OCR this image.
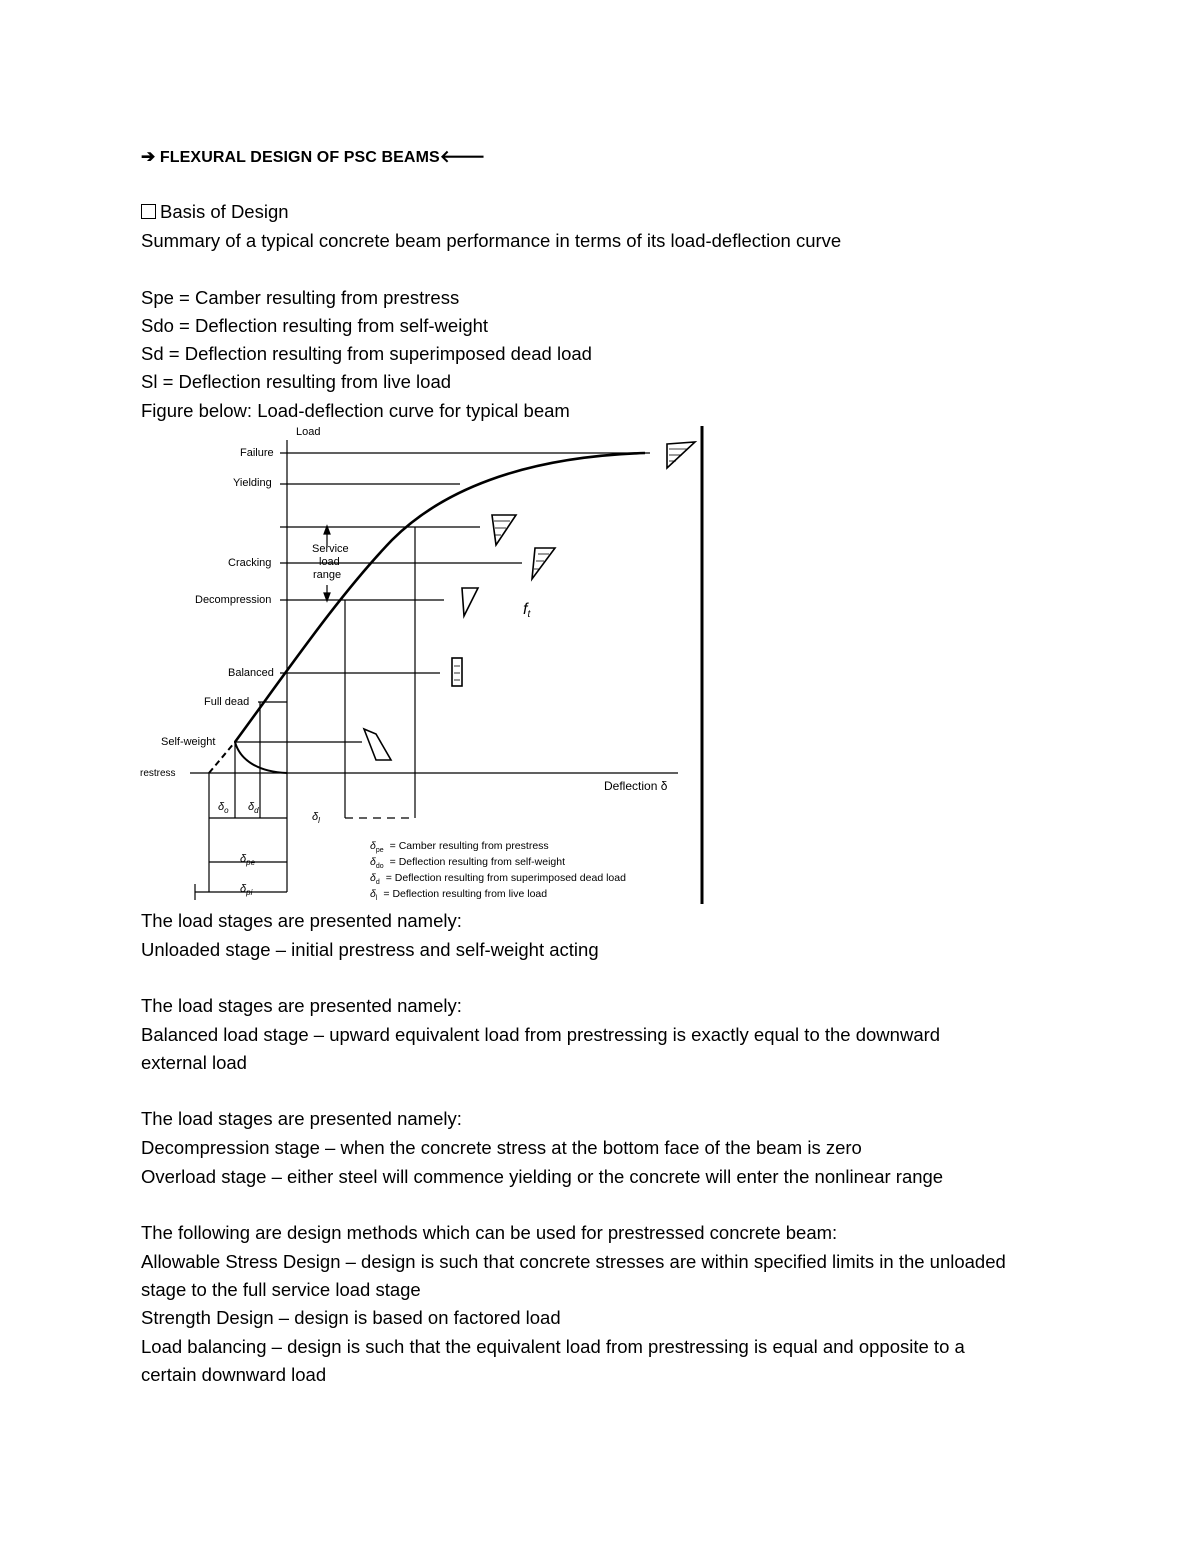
➔ FLEXURAL DESIGN OF PSC BEAMS🡐
Basis of Design
Summary of a typical concrete beam performance in terms of its load-deflection curve
Spe = Camber resulting from prestress
Sdo = Deflection resulting from self-weight
Sd = Deflection resulting from superimposed dead load
Sl = Deflection resulting from live load
Figure below: Load-deflection curve for typical beam
Load
Failure
Yielding
Cracking
Decompression
Balanced
Full dead
Self-weight
restress
Service
load
range
Deflection δ
ft
$\delta_o$ $\delta_d$
$\delta_l$
$\delta_{pe}$
$\delta_{pi}$
$\delta_{pe}$ = Camber resulting from prestress
$\delta_{do}$ = Deflection resulting from self-weight
$\delta_d$ = Deflection resulting from superimposed dead load
$\delta_l$ = Deflection resulting from live load
The load stages are presented namely:
Unloaded stage – initial prestress and self-weight acting
The load stages are presented namely:
Balanced load stage – upward equivalent load from prestressing is exactly equal to the downward
external load
The load stages are presented namely:
Decompression stage – when the concrete stress at the bottom face of the beam is zero
Overload stage – either steel will commence yielding or the concrete will enter the nonlinear range
The following are design methods which can be used for prestressed concrete beam:
Allowable Stress Design – design is such that concrete stresses are within specified limits in the unloaded
stage to the full service load stage
Strength Design – design is based on factored load
Load balancing – design is such that the equivalent load from prestressing is equal and opposite to a
certain downward load
